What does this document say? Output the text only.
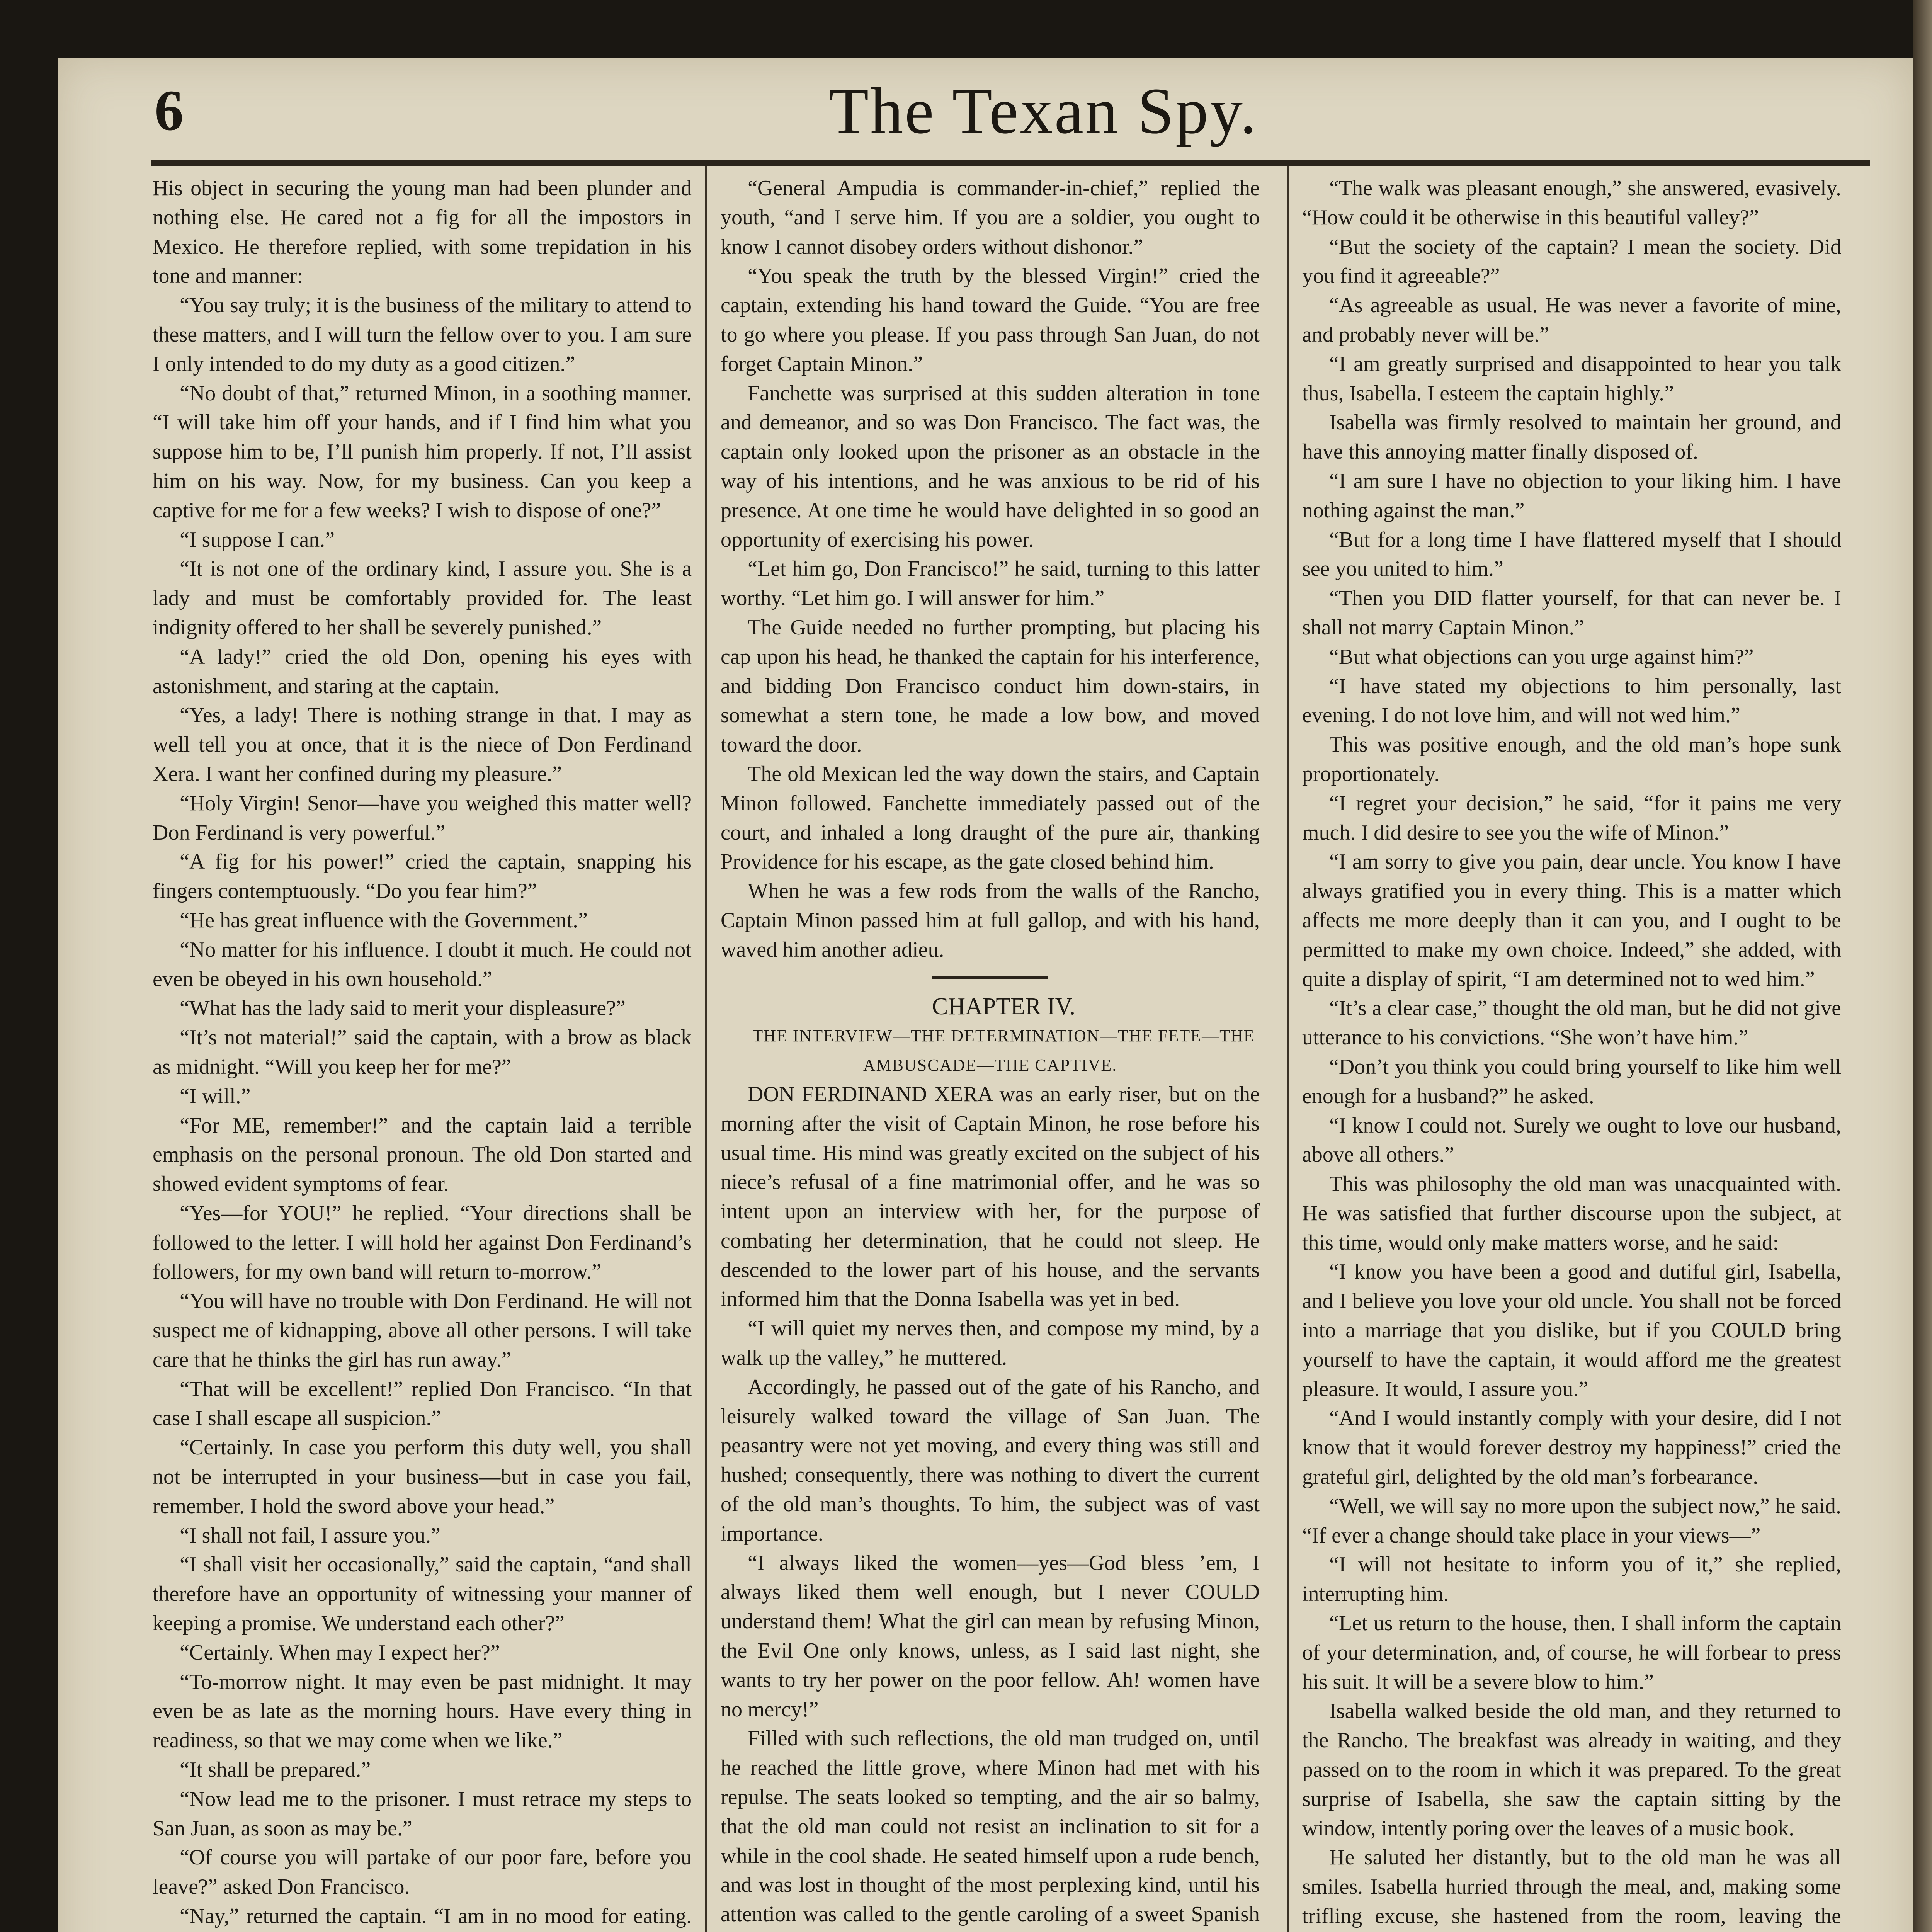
6	The Texan Spy.

His object in securing the young man had been plunder and nothing else. He cared not a fig for all the impostors in Mexico. He therefore replied, with some trepidation in his tone and manner:

“You say truly; it is the business of the military to attend to these matters, and I will turn the fellow over to you. I am sure I only intended to do my duty as a good citizen.”

“No doubt of that,” returned Minon, in a soothing manner. “I will take him off your hands, and if I find him what you suppose him to be, I’ll punish him properly. If not, I’ll assist him on his way. Now, for my business. Can you keep a captive for me for a few weeks? I wish to dispose of one?”

“I suppose I can.”

“It is not one of the ordinary kind, I assure you. She is a lady and must be comfortably provided for. The least indignity offered to her shall be severely punished.”

“A lady!” cried the old Don, opening his eyes with astonishment, and staring at the captain.

“Yes, a lady! There is nothing strange in that. I may as well tell you at once, that it is the niece of Don Ferdinand Xera. I want her confined during my pleasure.”

“Holy Virgin! Senor—have you weighed this matter well? Don Ferdinand is very powerful.”

“A fig for his power!” cried the captain, snapping his fingers contemptuously. “Do you fear him?”

“He has great influence with the Government.”

“No matter for his influence. I doubt it much. He could not even be obeyed in his own household.”

“What has the lady said to merit your displeasure?”

“It’s not material!” said the captain, with a brow as black as midnight. “Will you keep her for me?”

“I will.”

“For ME, remember!” and the captain laid a terrible emphasis on the personal pronoun. The old Don started and showed evident symptoms of fear.

“Yes—for YOU!” he replied. “Your directions shall be followed to the letter. I will hold her against Don Ferdinand’s followers, for my own band will return to-morrow.”

“You will have no trouble with Don Ferdinand. He will not suspect me of kidnapping, above all other persons. I will take care that he thinks the girl has run away.”

“That will be excellent!” replied Don Francisco. “In that case I shall escape all suspicion.”

“Certainly. In case you perform this duty well, you shall not be interrupted in your business—but in case you fail, remember. I hold the sword above your head.”

“I shall not fail, I assure you.”

“I shall visit her occasionally,” said the captain, “and shall therefore have an opportunity of witnessing your manner of keeping a promise. We understand each other?”

“Certainly. When may I expect her?”

“To-morrow night. It may even be past midnight. It may even be as late as the morning hours. Have every thing in readiness, so that we may come when we like.”

“It shall be prepared.”

“Now lead me to the prisoner. I must retrace my steps to San Juan, as soon as may be.”

“Of course you will partake of our poor fare, before you leave?” asked Don Francisco.

“Nay,” returned the captain. “I am in no mood for eating.

“General Ampudia is commander-in-chief,” replied the youth, “and I serve him. If you are a soldier, you ought to know I cannot disobey orders without dishonor.”

“You speak the truth by the blessed Virgin!” cried the captain, extending his hand toward the Guide. “You are free to go where you please. If you pass through San Juan, do not forget Captain Minon.”

Fanchette was surprised at this sudden alteration in tone and demeanor, and so was Don Francisco. The fact was, the captain only looked upon the prisoner as an obstacle in the way of his intentions, and he was anxious to be rid of his presence. At one time he would have delighted in so good an opportunity of exercising his power.

“Let him go, Don Francisco!” he said, turning to this latter worthy. “Let him go. I will answer for him.”

The Guide needed no further prompting, but placing his cap upon his head, he thanked the captain for his interference, and bidding Don Francisco conduct him down-stairs, in somewhat a stern tone, he made a low bow, and moved toward the door.

The old Mexican led the way down the stairs, and Captain Minon followed. Fanchette immediately passed out of the court, and inhaled a long draught of the pure air, thanking Providence for his escape, as the gate closed behind him.

When he was a few rods from the walls of the Rancho, Captain Minon passed him at full gallop, and with his hand, waved him another adieu.

CHAPTER IV.

THE INTERVIEW—THE DETERMINATION—THE FETE—THE AMBUSCADE—THE CAPTIVE.

DON FERDINAND XERA was an early riser, but on the morning after the visit of Captain Minon, he rose before his usual time. His mind was greatly excited on the subject of his niece’s refusal of a fine matrimonial offer, and he was so intent upon an interview with her, for the purpose of combating her determination, that he could not sleep. He descended to the lower part of his house, and the servants informed him that the Donna Isabella was yet in bed.

“I will quiet my nerves then, and compose my mind, by a walk up the valley,” he muttered.

Accordingly, he passed out of the gate of his Rancho, and leisurely walked toward the village of San Juan. The peasantry were not yet moving, and every thing was still and hushed; consequently, there was nothing to divert the current of the old man’s thoughts. To him, the subject was of vast importance.

“I always liked the women—yes—God bless ’em, I always liked them well enough, but I never COULD understand them! What the girl can mean by refusing Minon, the Evil One only knows, unless, as I said last night, she wants to try her power on the poor fellow. Ah! women have no mercy!”

Filled with such reflections, the old man trudged on, until he reached the little grove, where Minon had met with his repulse. The seats looked so tempting, and the air so balmy, that the old man could not resist an inclination to sit for a while in the cool shade. He seated himself upon a rude bench, and was lost in thought of the most perplexing kind, until his attention was called to the gentle caroling of a sweet Spanish

“The walk was pleasant enough,” she answered, evasively. “How could it be otherwise in this beautiful valley?”

“But the society of the captain? I mean the society. Did you find it agreeable?”

“As agreeable as usual. He was never a favorite of mine, and probably never will be.”

“I am greatly surprised and disappointed to hear you talk thus, Isabella. I esteem the captain highly.”

Isabella was firmly resolved to maintain her ground, and have this annoying matter finally disposed of.

“I am sure I have no objection to your liking him. I have nothing against the man.”

“But for a long time I have flattered myself that I should see you united to him.”

“Then you DID flatter yourself, for that can never be. I shall not marry Captain Minon.”

“But what objections can you urge against him?”

“I have stated my objections to him personally, last evening. I do not love him, and will not wed him.”

This was positive enough, and the old man’s hope sunk proportionately.

“I regret your decision,” he said, “for it pains me very much. I did desire to see you the wife of Minon.”

“I am sorry to give you pain, dear uncle. You know I have always gratified you in every thing. This is a matter which affects me more deeply than it can you, and I ought to be permitted to make my own choice. Indeed,” she added, with quite a display of spirit, “I am determined not to wed him.”

“It’s a clear case,” thought the old man, but he did not give utterance to his convictions. “She won’t have him.”

“Don’t you think you could bring yourself to like him well enough for a husband?” he asked.

“I know I could not. Surely we ought to love our husband, above all others.”

This was philosophy the old man was unacquainted with. He was satisfied that further discourse upon the subject, at this time, would only make matters worse, and he said:

“I know you have been a good and dutiful girl, Isabella, and I believe you love your old uncle. You shall not be forced into a marriage that you dislike, but if you COULD bring yourself to have the captain, it would afford me the greatest pleasure. It would, I assure you.”

“And I would instantly comply with your desire, did I not know that it would forever destroy my happiness!” cried the grateful girl, delighted by the old man’s forbearance.

“Well, we will say no more upon the subject now,” he said. “If ever a change should take place in your views—”

“I will not hesitate to inform you of it,” she replied, interrupting him.

“Let us return to the house, then. I shall inform the captain of your determination, and, of course, he will forbear to press his suit. It will be a severe blow to him.”

Isabella walked beside the old man, and they returned to the Rancho. The breakfast was already in waiting, and they passed on to the room in which it was prepared. To the great surprise of Isabella, she saw the captain sitting by the window, intently poring over the leaves of a music book.

He saluted her distantly, but to the old man he was all smiles. Isabella hurried through the meal, and, making some trifling excuse, she hastened from the room, leaving the
